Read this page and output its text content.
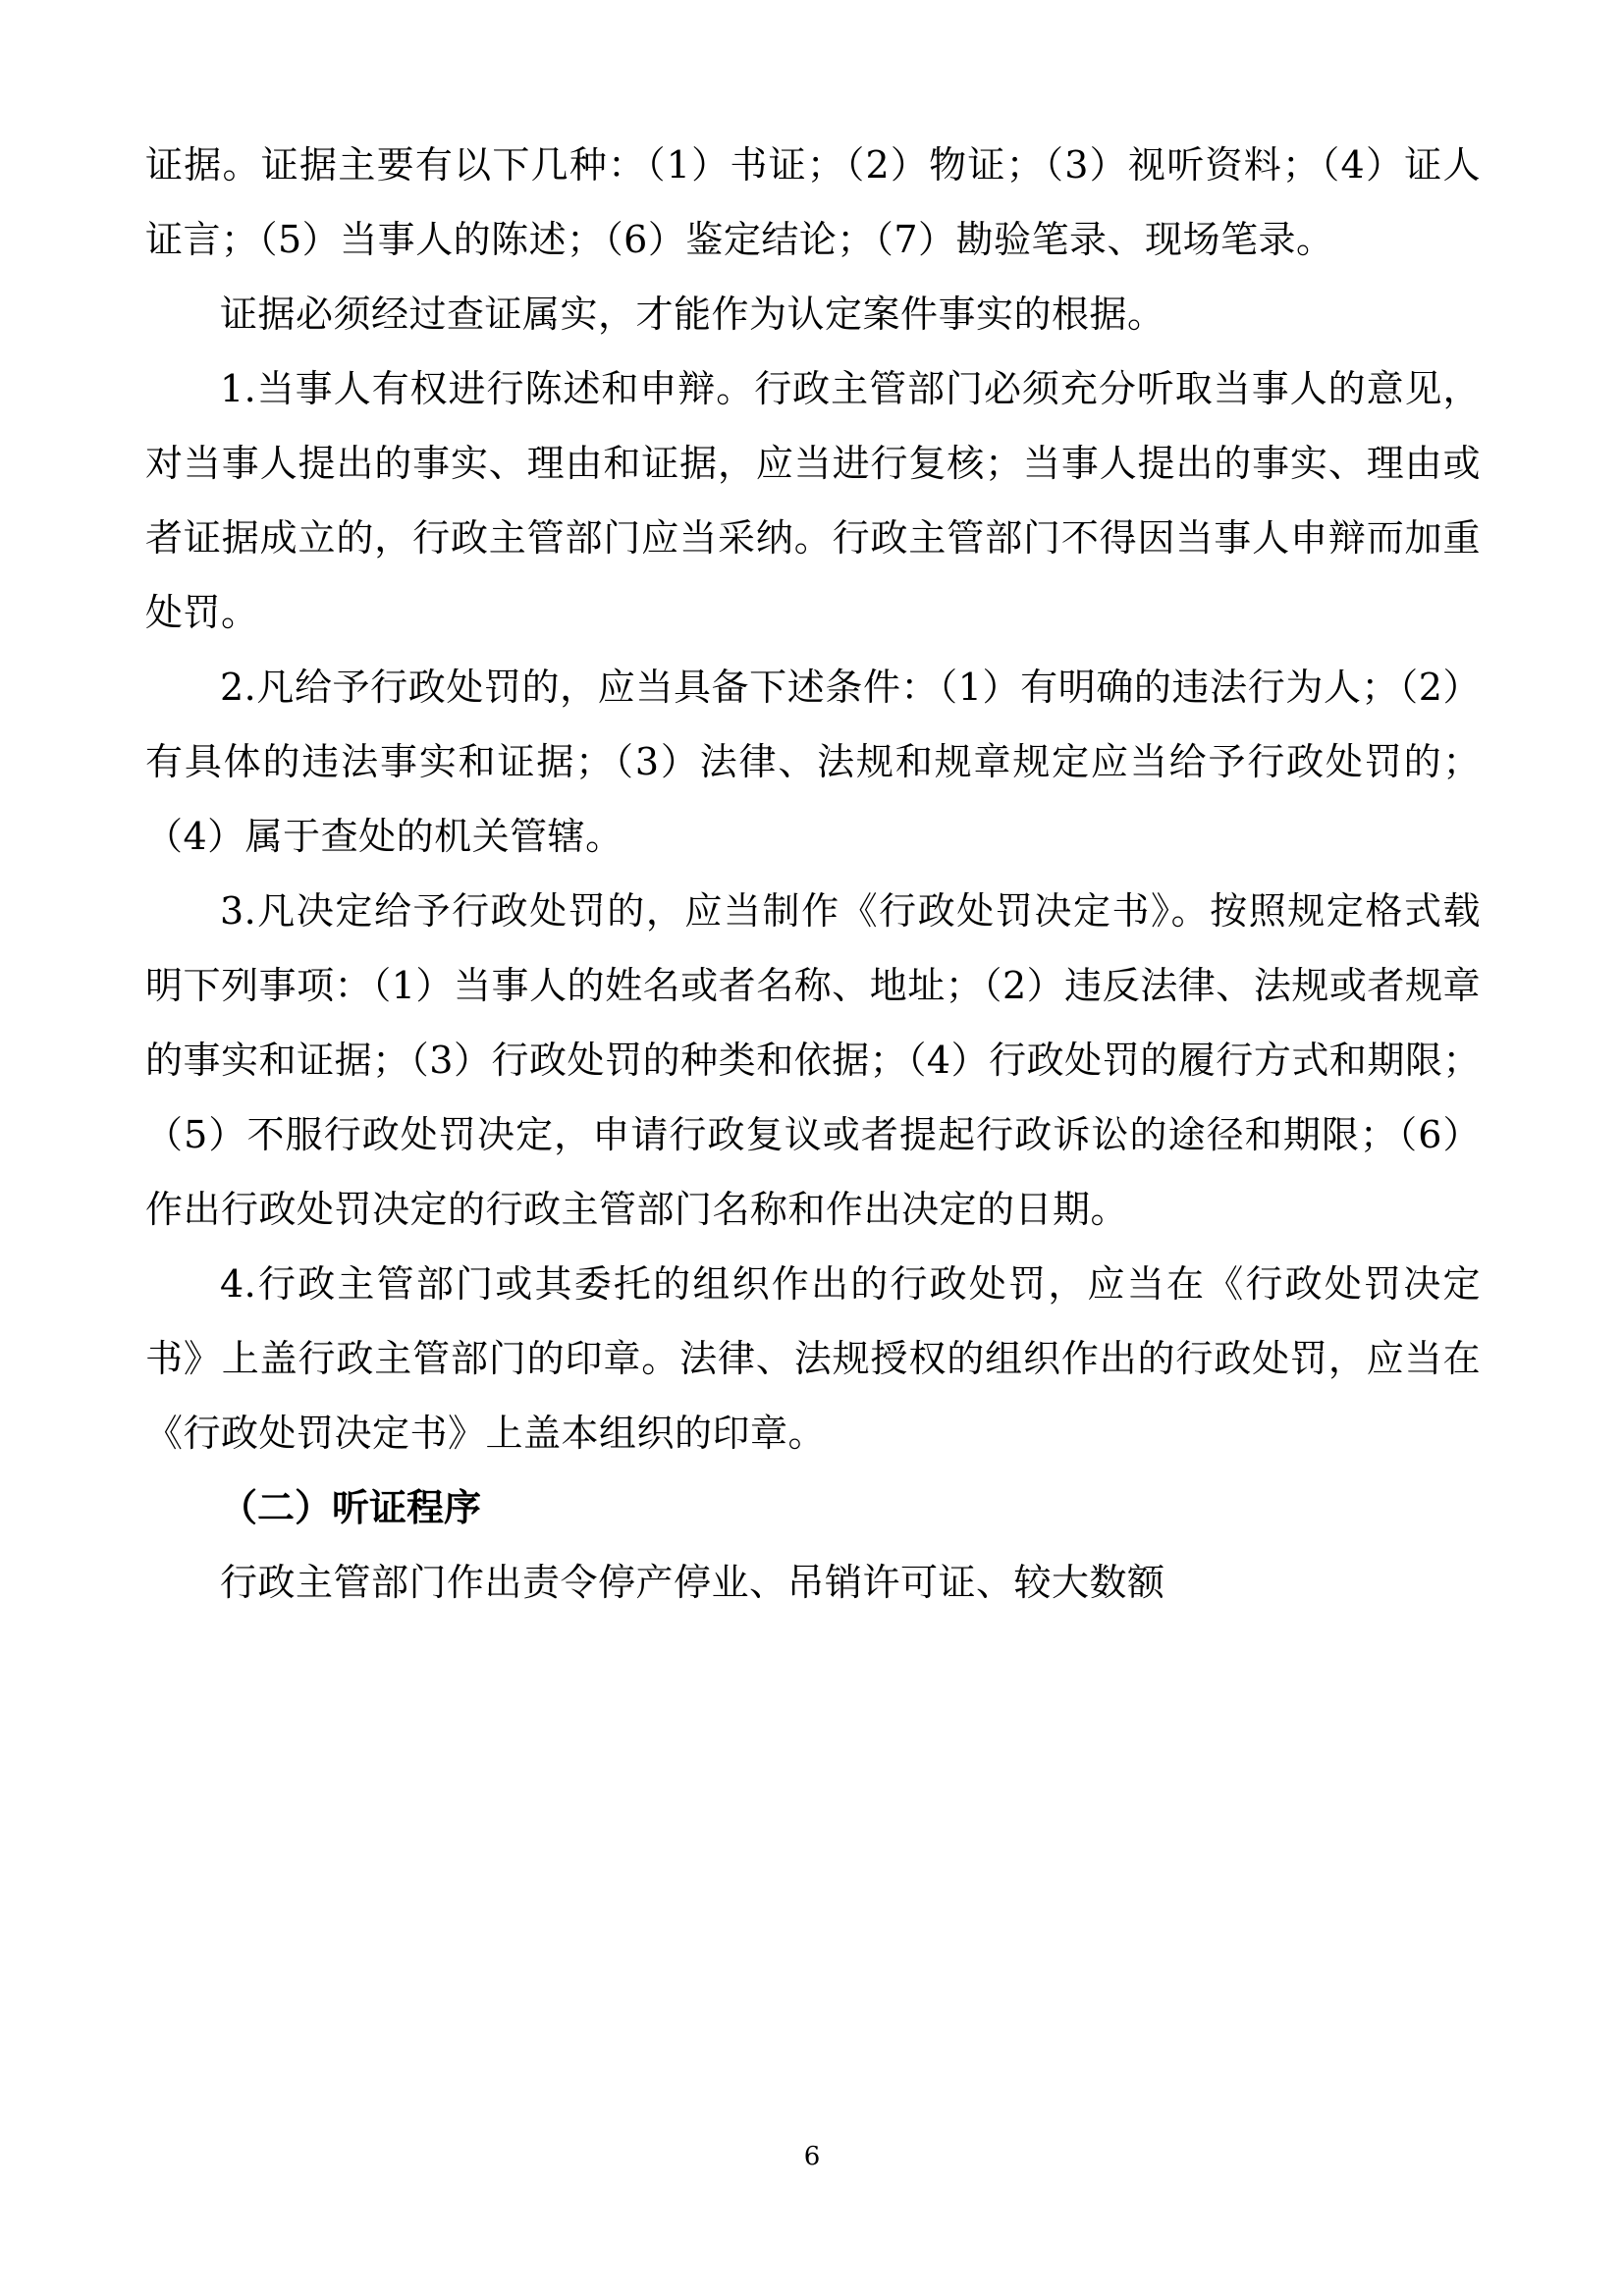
证据。证据主要有以下几种：（1）书证；（2）物证；（3）视听资料；（4）证人证言；（5）当事人的陈述；（6）鉴定结论；（7）勘验笔录、现场笔录。

证据必须经过查证属实，才能作为认定案件事实的根据。

1.当事人有权进行陈述和申辩。行政主管部门必须充分听取当事人的意见，对当事人提出的事实、理由和证据，应当进行复核；当事人提出的事实、理由或者证据成立的，行政主管部门应当采纳。行政主管部门不得因当事人申辩而加重处罚。

2.凡给予行政处罚的，应当具备下述条件：（1）有明确的违法行为人；（2）有具体的违法事实和证据；（3）法律、法规和规章规定应当给予行政处罚的；（4）属于查处的机关管辖。

3.凡决定给予行政处罚的，应当制作《行政处罚决定书》。按照规定格式载明下列事项：（1）当事人的姓名或者名称、地址；（2）违反法律、法规或者规章的事实和证据；（3）行政处罚的种类和依据；（4）行政处罚的履行方式和期限；（5）不服行政处罚决定，申请行政复议或者提起行政诉讼的途径和期限；（6）作出行政处罚决定的行政主管部门名称和作出决定的日期。

4.行政主管部门或其委托的组织作出的行政处罚，应当在《行政处罚决定书》上盖行政主管部门的印章。法律、法规授权的组织作出的行政处罚，应当在《行政处罚决定书》上盖本组织的印章。

（二）听证程序

行政主管部门作出责令停产停业、吊销许可证、较大数额

6
